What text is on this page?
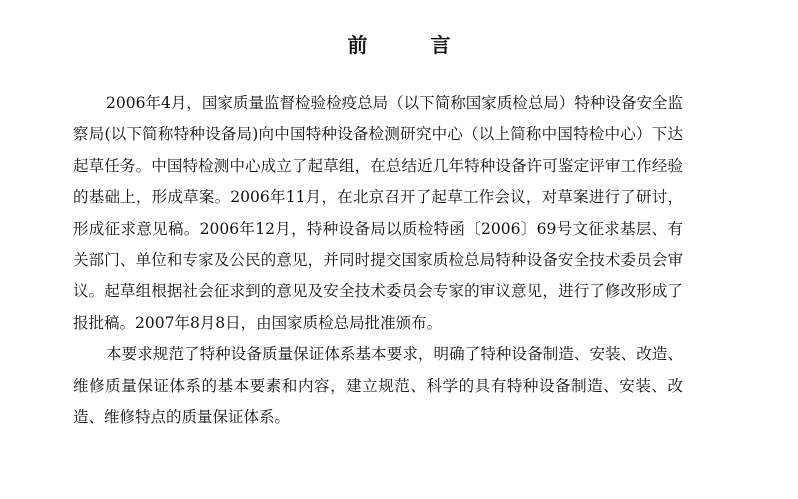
前 言

2006年4月，国家质量监督检验检疫总局（以下简称国家质检总局）特种设备安全监察局(以下简称特种设备局)向中国特种设备检测研究中心（以上简称中国特检中心）下达起草任务。中国特检测中心成立了起草组，在总结近几年特种设备许可鉴定评审工作经验的基础上，形成草案。2006年11月，在北京召开了起草工作会议，对草案进行了研讨，形成征求意见稿。2006年12月，特种设备局以质检特函〔2006〕69号文征求基层、有关部门、单位和专家及公民的意见，并同时提交国家质检总局特种设备安全技术委员会审议。起草组根据社会征求到的意见及安全技术委员会专家的审议意见，进行了修改形成了报批稿。2007年8月8日，由国家质检总局批准颁布。

本要求规范了特种设备质量保证体系基本要求，明确了特种设备制造、安装、改造、维修质量保证体系的基本要素和内容，建立规范、科学的具有特种设备制造、安装、改造、维修特点的质量保证体系。
